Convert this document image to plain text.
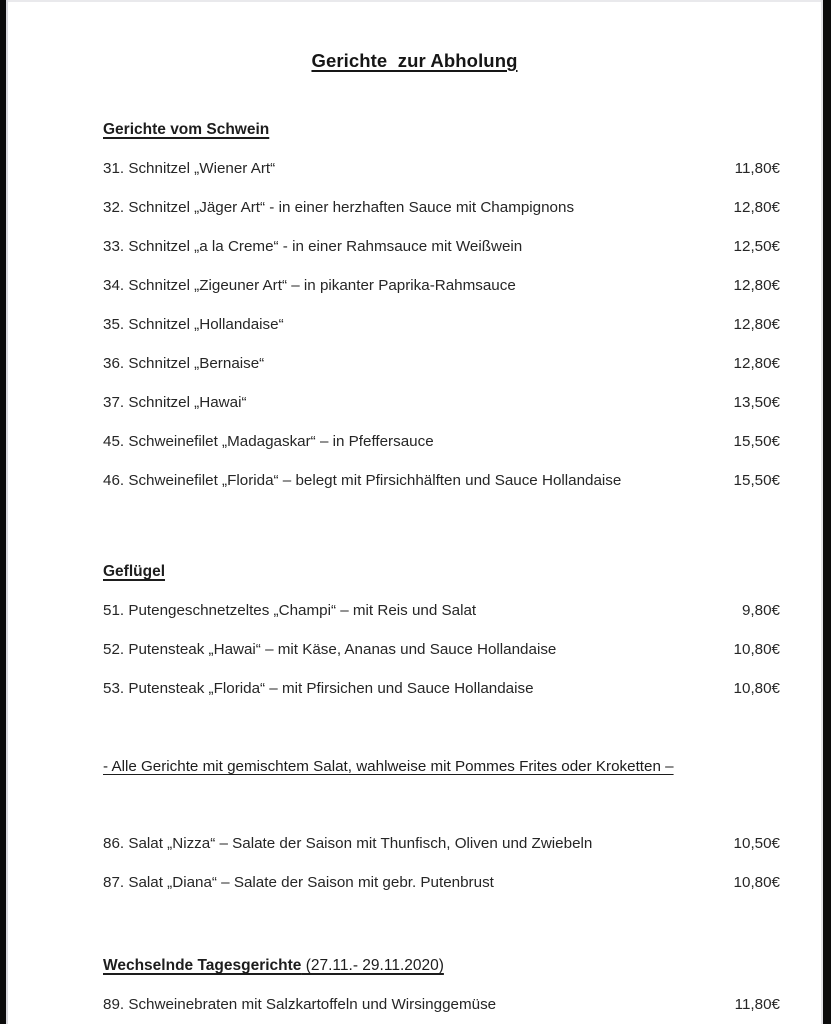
Gerichte  zur Abholung
Gerichte vom Schwein
31. Schnitzel „Wiener Art“	11,80€
32. Schnitzel „Jäger Art“ - in einer herzhaften Sauce mit Champignons	12,80€
33. Schnitzel „a la Creme“ - in einer Rahmsauce mit Weißwein	12,50€
34. Schnitzel „Zigeuner Art“ – in pikanter Paprika-Rahmsauce	12,80€
35. Schnitzel „Hollandaise“	12,80€
36. Schnitzel „Bernaise“	12,80€
37. Schnitzel „Hawai“	13,50€
45. Schweinefilet „Madagaskar“ – in Pfeffersauce	15,50€
46. Schweinefilet „Florida“ – belegt mit Pfirsichhälften und Sauce Hollandaise	15,50€
Geflügel
51. Putengeschnetzeltes „Champi“ – mit Reis und Salat	9,80€
52. Putensteak „Hawai“ – mit Käse, Ananas und Sauce Hollandaise	10,80€
53. Putensteak „Florida“ – mit Pfirsichen und Sauce Hollandaise	10,80€
- Alle Gerichte mit gemischtem Salat, wahlweise mit Pommes Frites oder Kroketten –
86. Salat „Nizza“ – Salate der Saison mit Thunfisch, Oliven und Zwiebeln	10,50€
87. Salat „Diana“ – Salate der Saison mit gebr. Putenbrust	10,80€
Wechselnde Tagesgerichte (27.11.- 29.11.2020)
89. Schweinebraten mit Salzkartoffeln und Wirsinggemüse	11,80€
